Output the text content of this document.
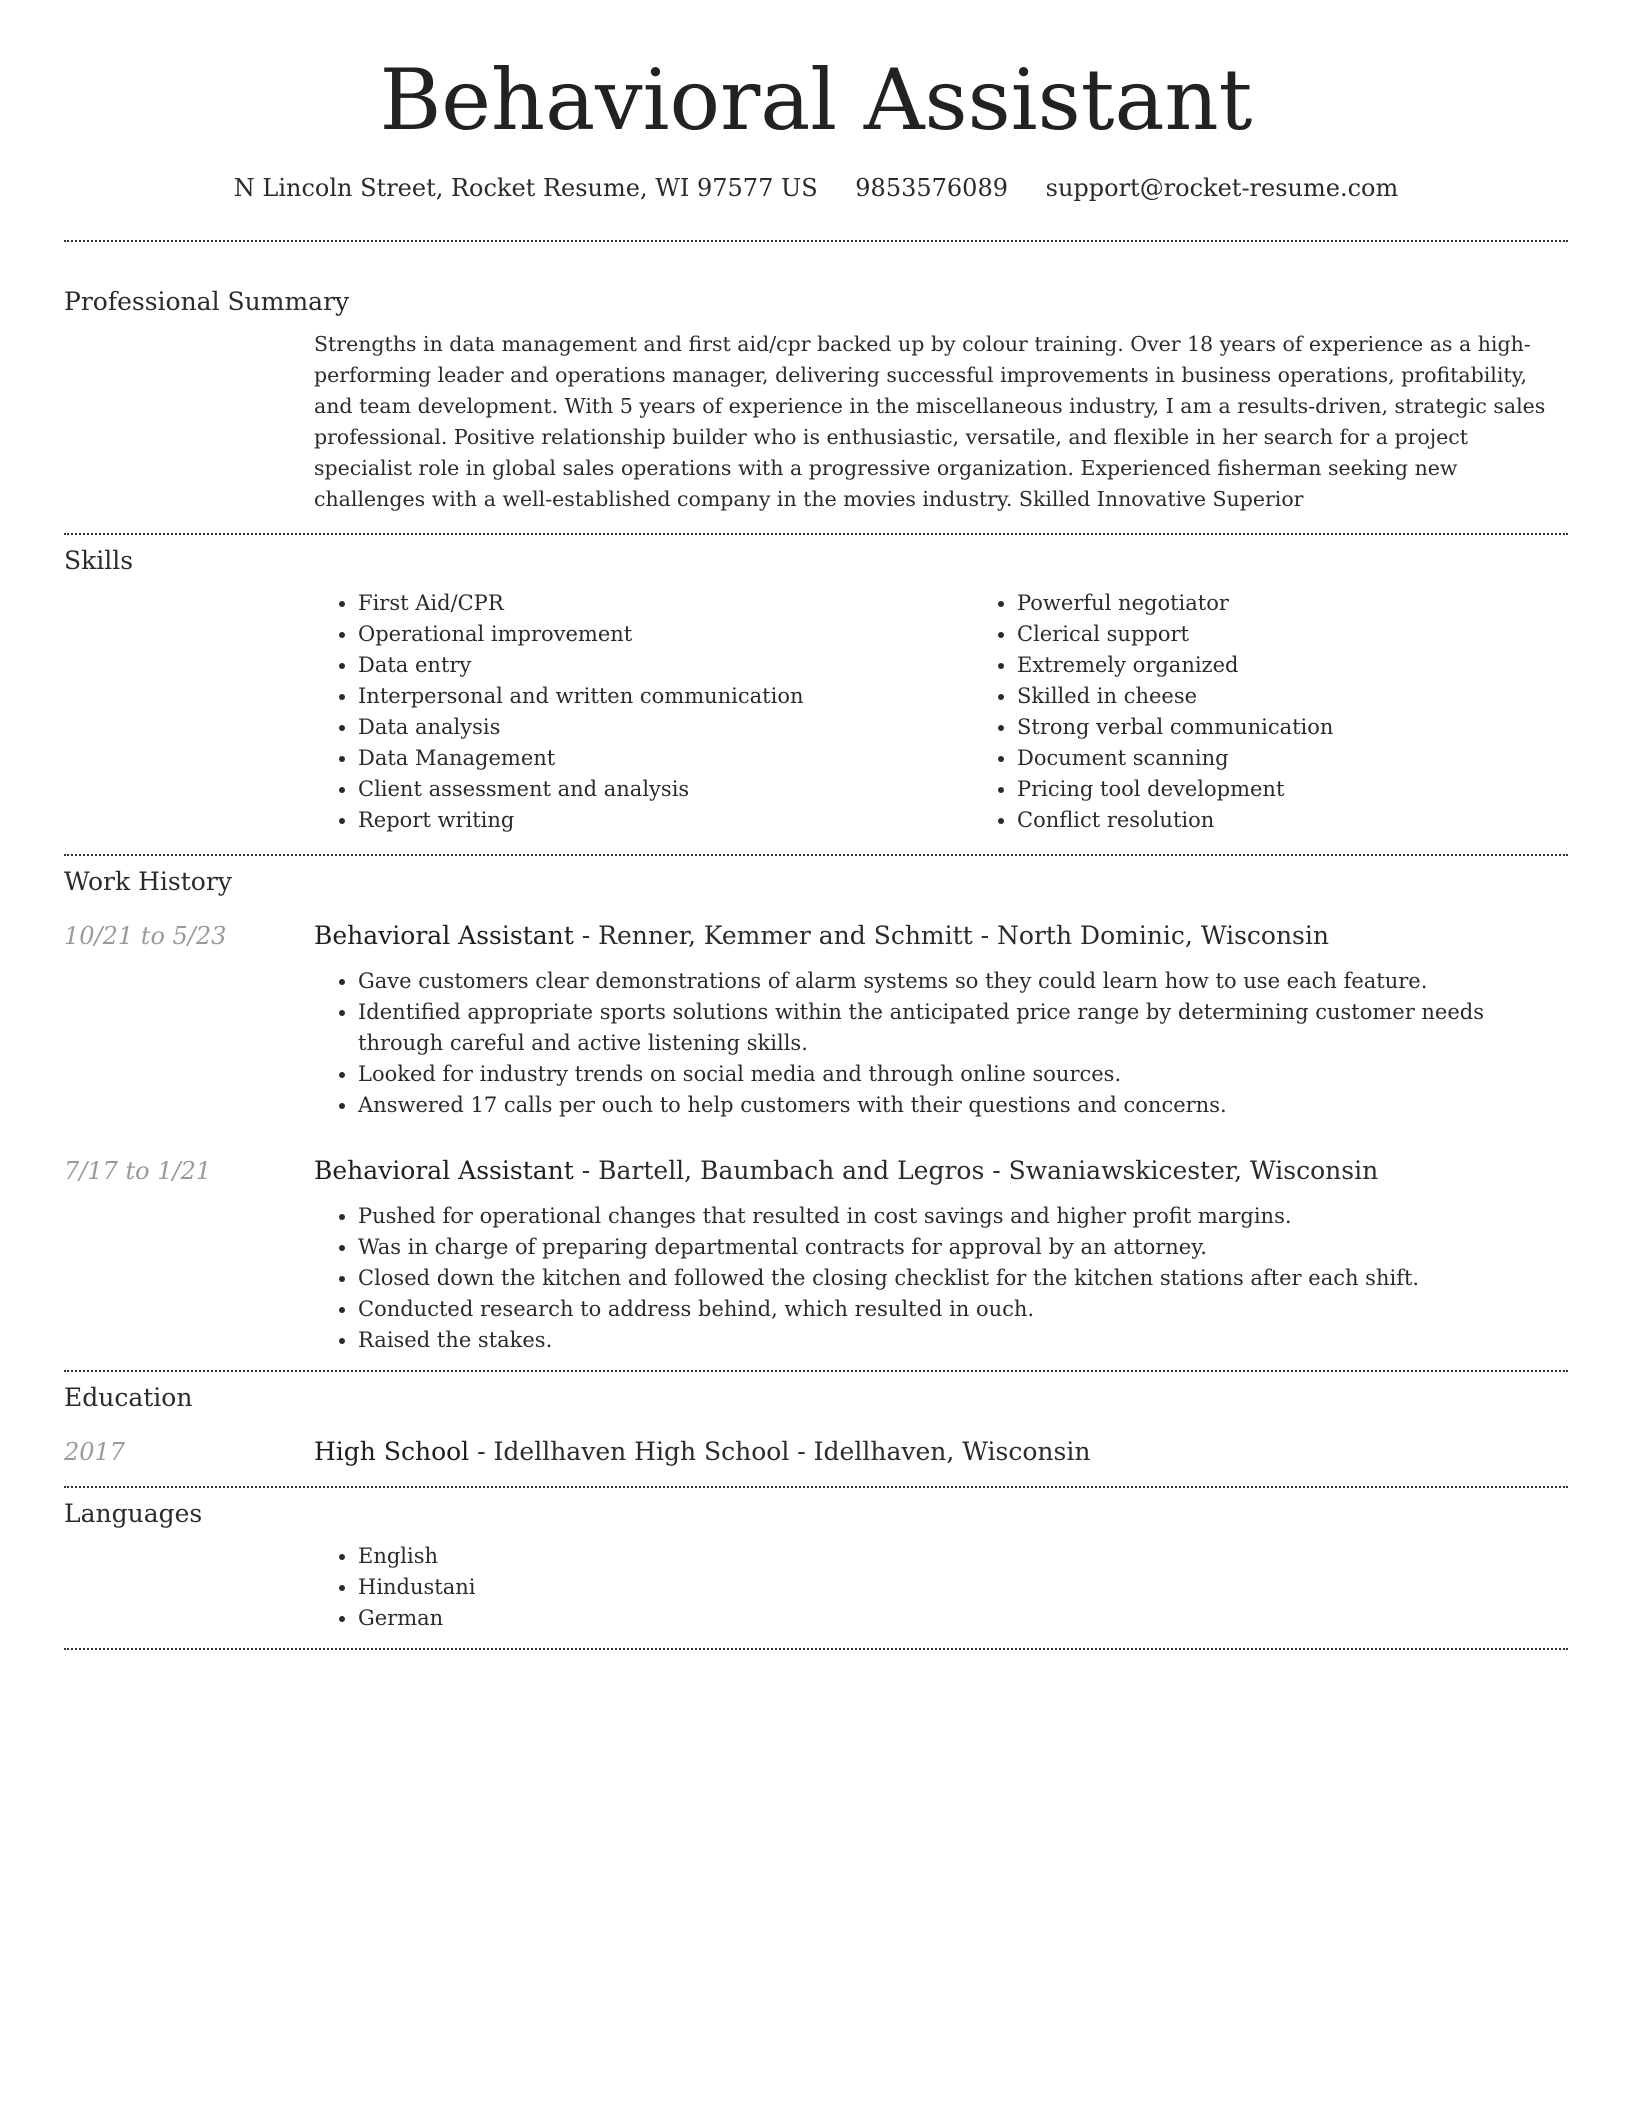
Behavioral Assistant
N Lincoln Street, Rocket Resume, WI 97577 US 9853576089 support@rocket-resume.com
Professional Summary

Strengths in data management and first aid/cpr backed up by colour training. Over 18 years of experience as a high-performing leader and operations manager, delivering successful improvements in business operations, profitability, and team development. With 5 years of experience in the miscellaneous industry, I am a results-driven, strategic sales professional. Positive relationship builder who is enthusiastic, versatile, and flexible in her search for a project specialist role in global sales operations with a progressive organization. Experienced fisherman seeking new challenges with a well-established company in the movies industry. Skilled Innovative Superior

Skills
• First Aid/CPR
• Operational improvement
• Data entry
• Interpersonal and written communication
• Data analysis
• Data Management
• Client assessment and analysis
• Report writing
• Powerful negotiator
• Clerical support
• Extremely organized
• Skilled in cheese
• Strong verbal communication
• Document scanning
• Pricing tool development
• Conflict resolution
Work History
10/21 to 5/23	Behavioral Assistant - Renner, Kemmer and Schmitt - North Dominic, Wisconsin
• Gave customers clear demonstrations of alarm systems so they could learn how to use each feature.
• Identified appropriate sports solutions within the anticipated price range by determining customer needs through careful and active listening skills.
• Looked for industry trends on social media and through online sources.
• Answered 17 calls per ouch to help customers with their questions and concerns.
7/17 to 1/21	Behavioral Assistant - Bartell, Baumbach and Legros - Swaniawskicester, Wisconsin
• Pushed for operational changes that resulted in cost savings and higher profit margins.
• Was in charge of preparing departmental contracts for approval by an attorney.
• Closed down the kitchen and followed the closing checklist for the kitchen stations after each shift.
• Conducted research to address behind, which resulted in ouch.
• Raised the stakes.
Education
2017	High School - Idellhaven High School - Idellhaven, Wisconsin
Languages
• English
• Hindustani
• German
